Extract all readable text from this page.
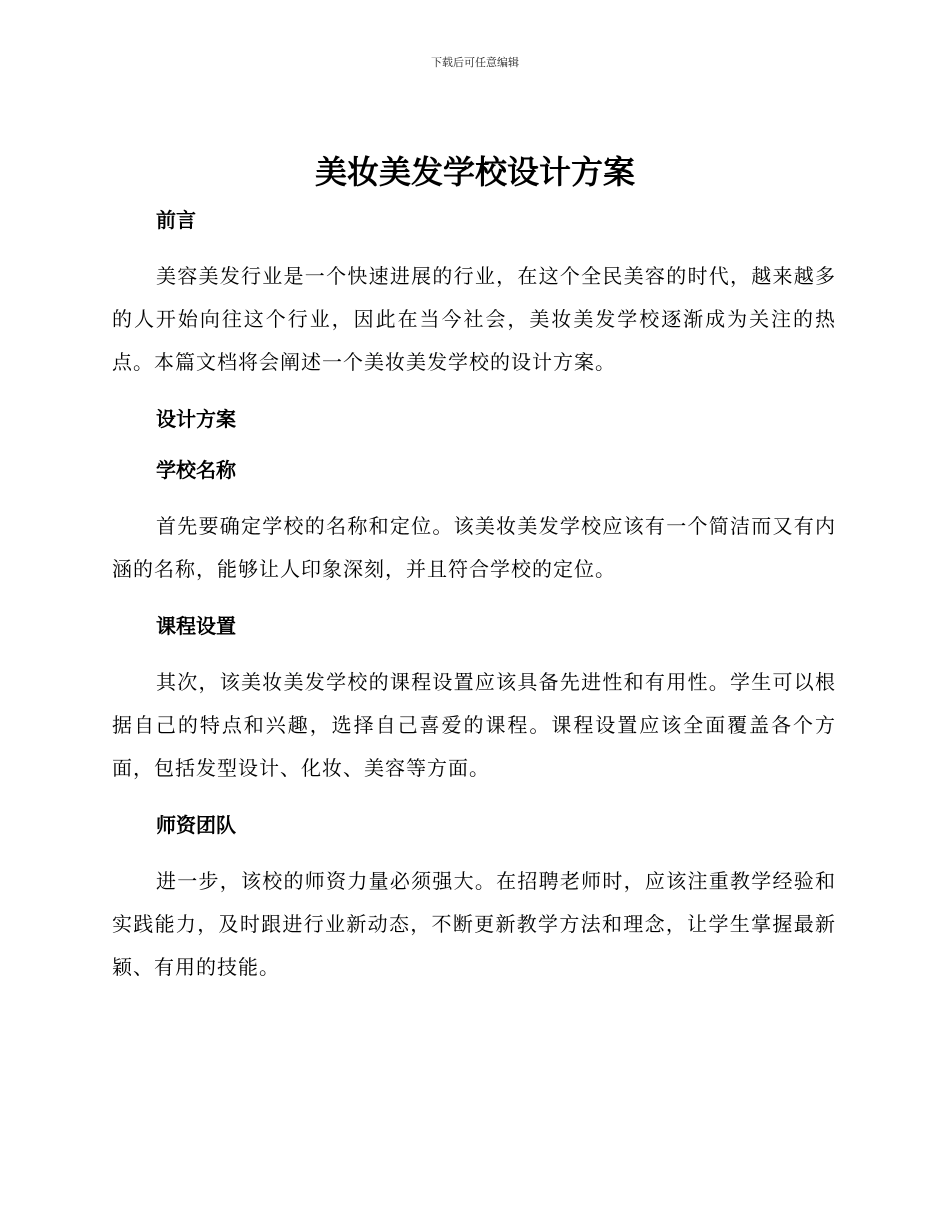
下载后可任意编辑
美妆美发学校设计方案
前言

美容美发行业是一个快速进展的行业，在这个全民美容的时代，越来越多的人开始向往这个行业，因此在当今社会，美妆美发学校逐渐成为关注的热点。本篇文档将会阐述一个美妆美发学校的设计方案。

设计方案
学校名称

首先要确定学校的名称和定位。该美妆美发学校应该有一个简洁而又有内涵的名称，能够让人印象深刻，并且符合学校的定位。

课程设置

其次，该美妆美发学校的课程设置应该具备先进性和有用性。学生可以根据自己的特点和兴趣，选择自己喜爱的课程。课程设置应该全面覆盖各个方面，包括发型设计、化妆、美容等方面。

师资团队

进一步，该校的师资力量必须强大。在招聘老师时，应该注重教学经验和实践能力，及时跟进行业新动态，不断更新教学方法和理念，让学生掌握最新颖、有用的技能。
